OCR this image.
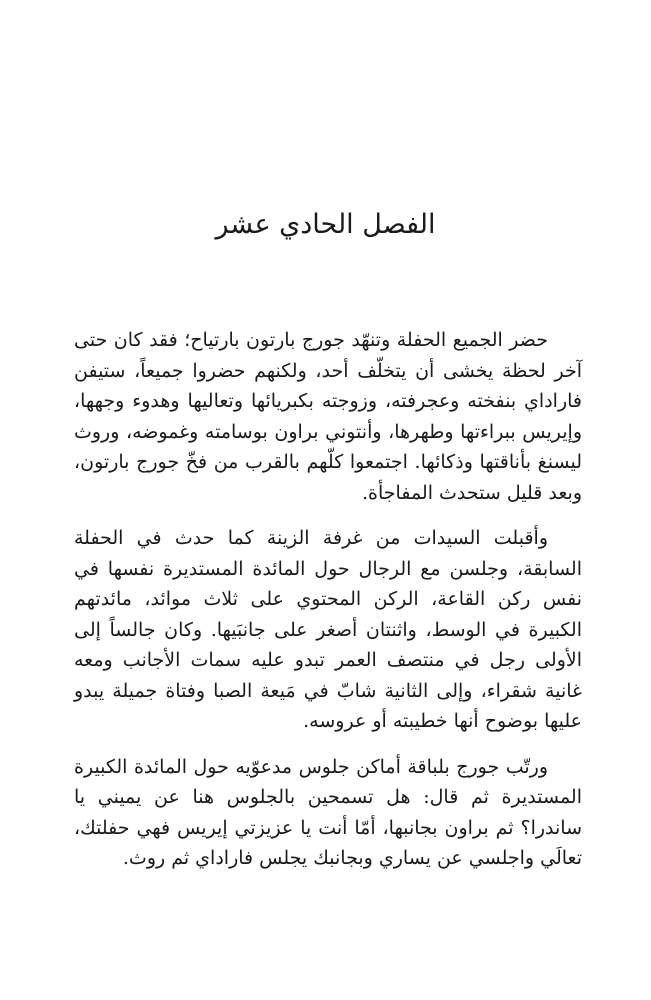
الفصل الحادي عشر

حضر الجميع الحفلة وتنهّد جورج بارتون بارتياح؛ فقد كان حتى آخر لحظة يخشى أن يتخلّف أحد، ولكنهم حضروا جميعاً، ستيفن فاراداي بنفخته وعجرفته، وزوجته بكبريائها وتعاليها وهدوء وجهها، وإيريس ببراءتها وطهرها، وأنتوني براون بوسامته وغموضه، وروث ليسنغ بأناقتها وذكائها. اجتمعوا كلّهم بالقرب من فخّ جورج بارتون، وبعد قليل ستحدث المفاجأة.

وأقبلت السيدات من غرفة الزينة كما حدث في الحفلة السابقة، وجلسن مع الرجال حول المائدة المستديرة نفسها في نفس ركن القاعة، الركن المحتوي على ثلاث موائد، مائدتهم الكبيرة في الوسط، واثنتان أصغر على جانبَيها. وكان جالساً إلى الأولى رجل في منتصف العمر تبدو عليه سمات الأجانب ومعه غانية شقراء، وإلى الثانية شابّ في مَيعة الصبا وفتاة جميلة يبدو عليها بوضوح أنها خطيبته أو عروسه.

ورتّب جورج بلباقة أماكن جلوس مدعوّيه حول المائدة الكبيرة المستديرة ثم قال: هل تسمحين بالجلوس هنا عن يميني يا ساندرا؟ ثم براون بجانبها، أمّا أنت يا عزيزتي إيريس فهي حفلتك، تعالَي واجلسي عن يساري وبجانبك يجلس فاراداي ثم روث.
